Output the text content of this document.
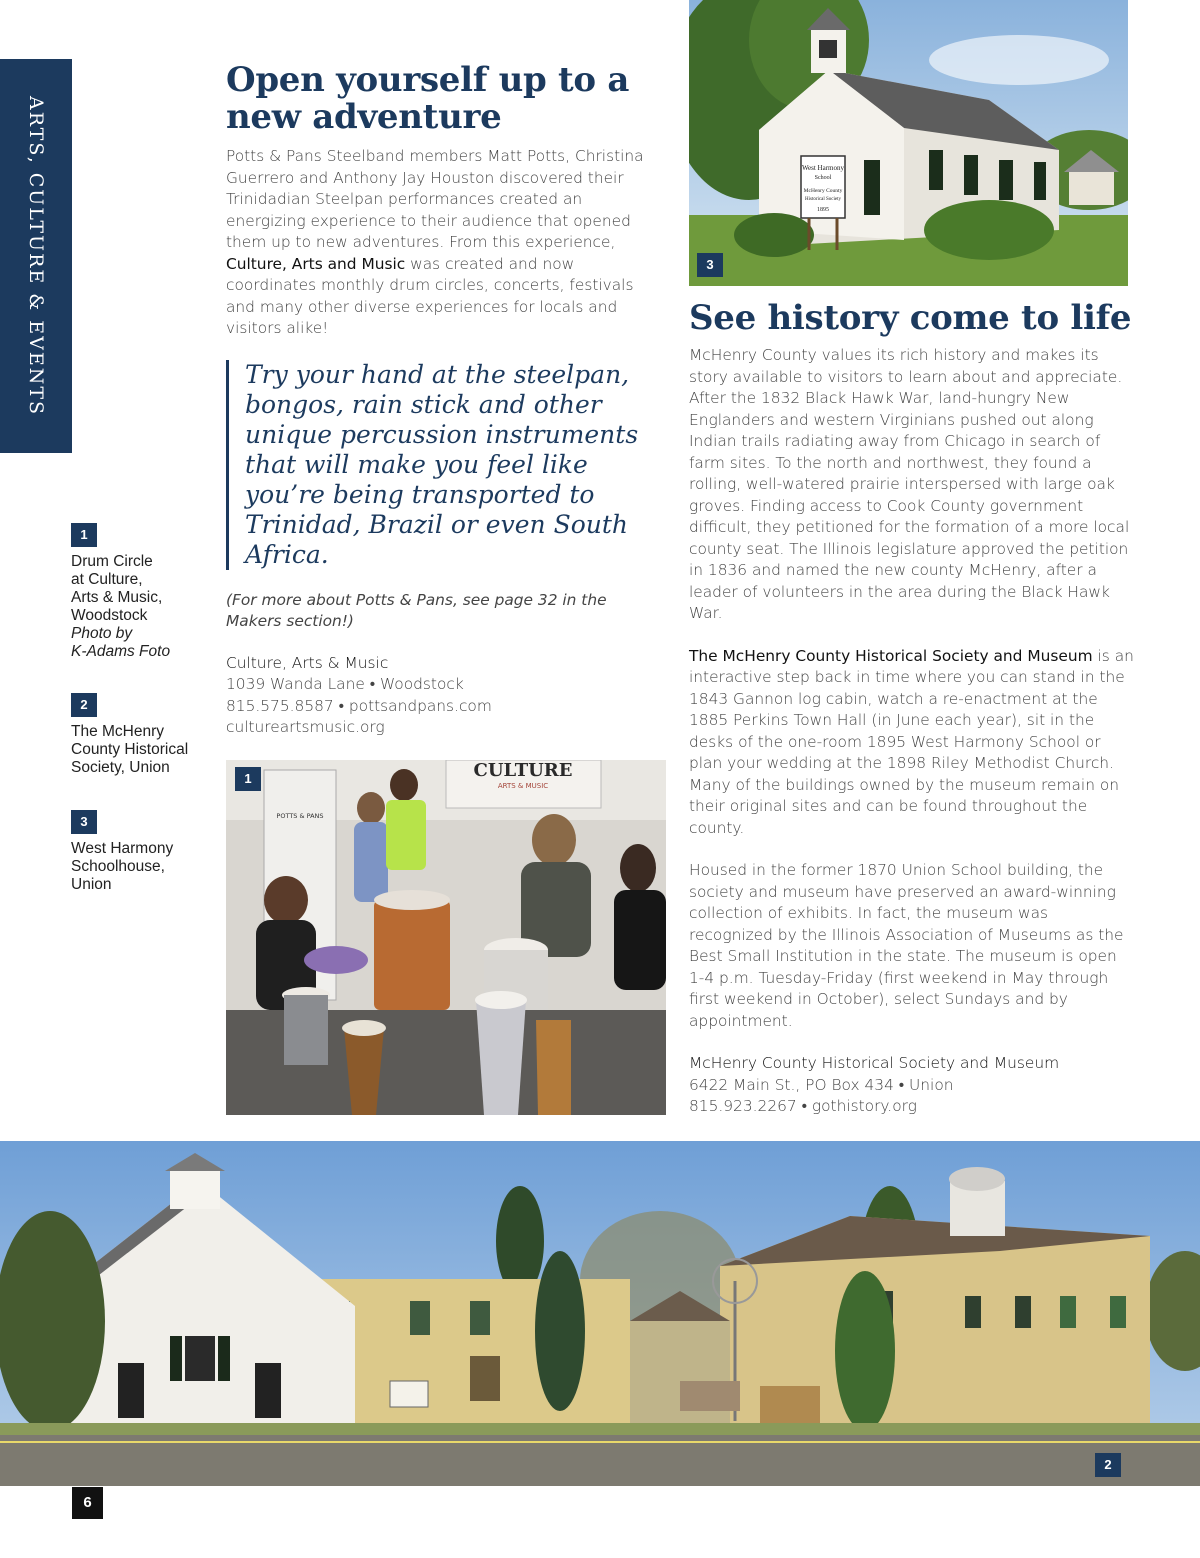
ARTS, CULTURE & EVENTS
1

Drum Circle

at Culture,

Arts & Music,

Woodstock

Photo by

K-Adams Foto

2

The McHenry

County Historical

Society, Union

3

West Harmony

Schoolhouse,

Union

Open yourself up to a new adventure

Potts & Pans Steelband members Matt Potts, Christina Guerrero and Anthony Jay Houston discovered their Trinidadian Steelpan performances created an energizing experience to their audience that opened them up to new adventures. From this experience, Culture, Arts and Music was created and now coordinates monthly drum circles, concerts, festivals and many other diverse experiences for locals and visitors alike!

Try your hand at the steelpan, bongos, rain stick and other unique percussion instruments that will make you feel like you’re being transported to Trinidad, Brazil or even South Africa.

(For more about Potts & Pans, see page 32 in the Makers section!)

Culture, Arts & Music

1039 Wanda Lane • Woodstock

815.575.8587 • pottsandpans.com

cultureartsmusic.org

See history come to life

McHenry County values its rich history and makes its story available to visitors to learn about and appreciate. After the 1832 Black Hawk War, land-hungry New Englanders and western Virginians pushed out along Indian trails radiating away from Chicago in search of farm sites. To the north and northwest, they found a rolling, well-watered prairie interspersed with large oak groves. Finding access to Cook County government difficult, they petitioned for the formation of a more local county seat. The Illinois legislature approved the petition in 1836 and named the new county McHenry, after a leader of volunteers in the area during the Black Hawk War.

The McHenry County Historical Society and Museum is an interactive step back in time where you can stand in the 1843 Gannon log cabin, watch a re-enactment at the 1885 Perkins Town Hall (in June each year), sit in the desks of the one-room 1895 West Harmony School or plan your wedding at the 1898 Riley Methodist Church. Many of the buildings owned by the museum remain on their original sites and can be found throughout the county.

Housed in the former 1870 Union School building, the society and museum have preserved an award-winning collection of exhibits. In fact, the museum was recognized by the Illinois Association of Museums as the Best Small Institution in the state. The museum is open 1-4 p.m. Tuesday-Friday (first weekend in May through first weekend in October), select Sundays and by appointment.

McHenry County Historical Society and Museum

6422 Main St., PO Box 434 • Union

815.923.2267 • gothistory.org

West Harmony
School
McHenry County
Historical Society
1895
3
CULTURE
ARTS & MUSIC
POTTS & PANS
1
2
6
